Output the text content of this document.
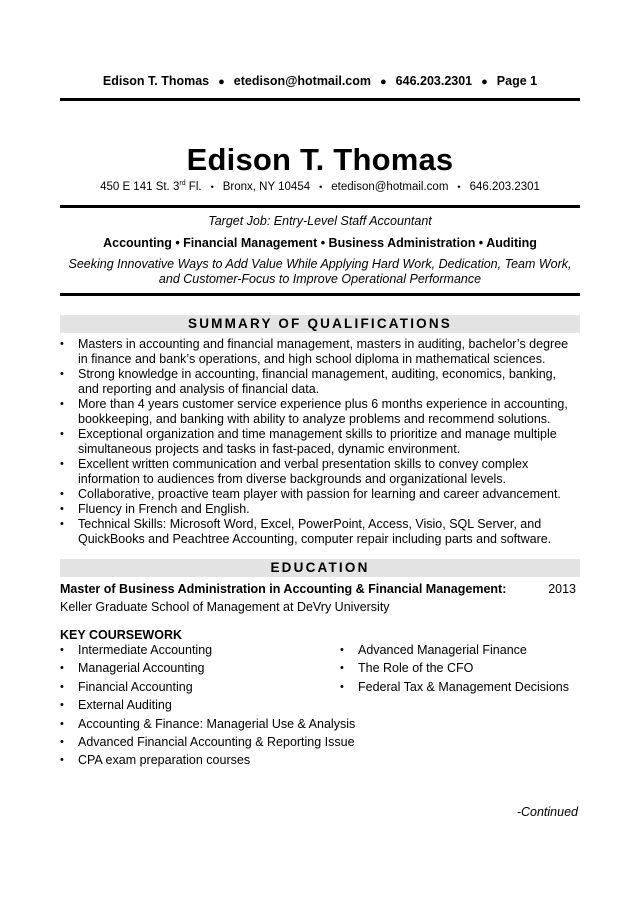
Edison T. Thomas ● etedison@hotmail.com ● 646.203.2301 ● Page 1
Edison T. Thomas
450 E 141 St. 3rd Fl. • Bronx, NY 10454 • etedison@hotmail.com • 646.203.2301
Target Job: Entry-Level Staff Accountant
Accounting • Financial Management • Business Administration • Auditing
Seeking Innovative Ways to Add Value While Applying Hard Work, Dedication, Team Work,
and Customer-Focus to Improve Operational Performance
SUMMARY OF QUALIFICATIONS
• Masters in accounting and financial management, masters in auditing, bachelor’s degree in finance and bank’s operations, and high school diploma in mathematical sciences.
• Strong knowledge in accounting, financial management, auditing, economics, banking, and reporting and analysis of financial data.
• More than 4 years customer service experience plus 6 months experience in accounting, bookkeeping, and banking with ability to analyze problems and recommend solutions.
• Exceptional organization and time management skills to prioritize and manage multiple simultaneous projects and tasks in fast-paced, dynamic environment.
• Excellent written communication and verbal presentation skills to convey complex information to audiences from diverse backgrounds and organizational levels.
• Collaborative, proactive team player with passion for learning and career advancement.
• Fluency in French and English.
• Technical Skills: Microsoft Word, Excel, PowerPoint, Access, Visio, SQL Server, and QuickBooks and Peachtree Accounting, computer repair including parts and software.
EDUCATION
Master of Business Administration in Accounting & Financial Management:	2013
Keller Graduate School of Management at DeVry University
KEY COURSEWORK
• Intermediate Accounting
• Managerial Accounting
• Financial Accounting
• External Auditing
• Accounting & Finance: Managerial Use & Analysis
• Advanced Financial Accounting & Reporting Issue
• CPA exam preparation courses
• Advanced Managerial Finance
• The Role of the CFO
• Federal Tax & Management Decisions
-Continued
